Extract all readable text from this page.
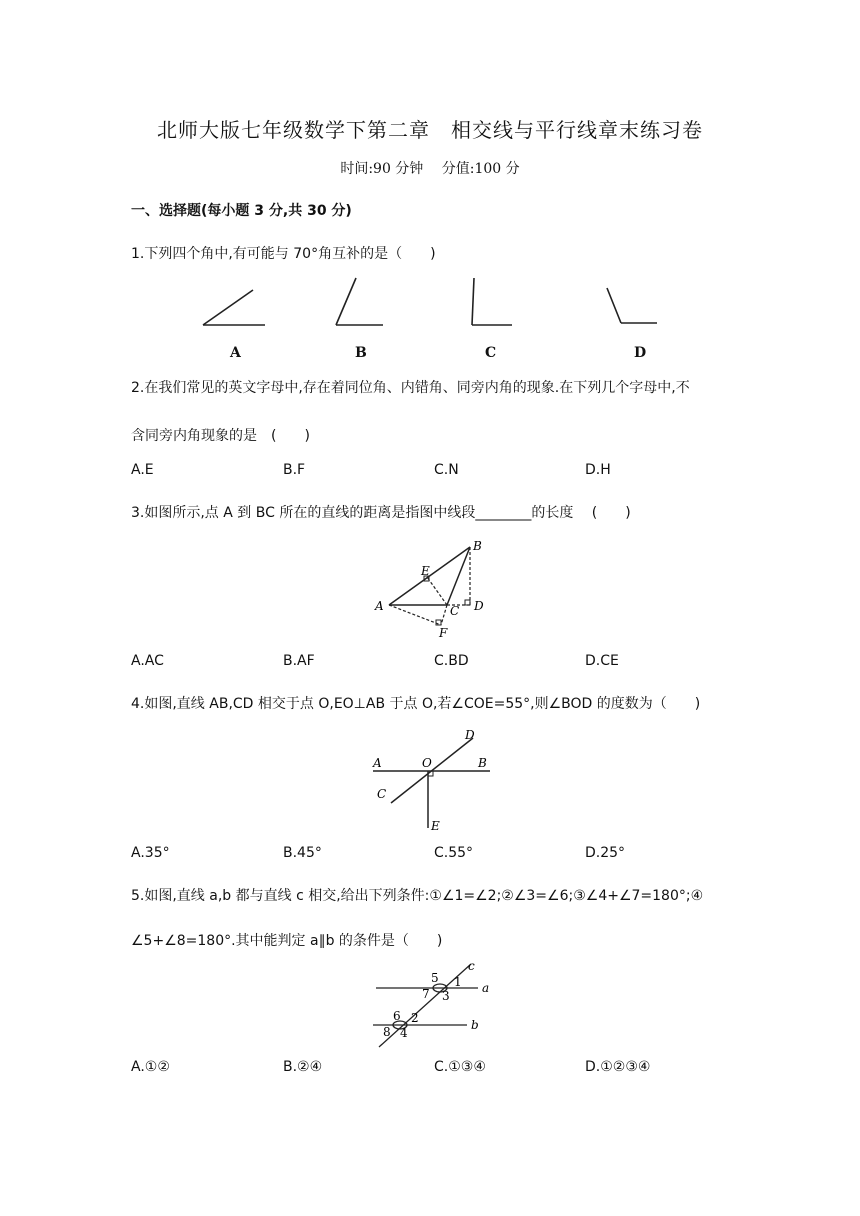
北师大版七年级数学下第二章　相交线与平行线章末练习卷
时间:90 分钟　 分值:100 分
一、选择题(每小题 3 分,共 30 分)
1.下列四个角中,有可能与 70°角互补的是（　　)
A	B	C	D
2.在我们常见的英文字母中,存在着同位角、内错角、同旁内角的现象.在下列几个字母中,不
含同旁内角现象的是　(　　)
A.E	B.F	C.N	D.H
3.如图所示,点 A 到 BC 所在的直线的距离是指图中线段________的长度　 (　　)
A
B
C D
E
F
A.AC	B.AF	C.BD	D.CE
4.如图,直线 AB,CD 相交于点 O,EO⊥AB 于点 O,若∠COE=55°,则∠BOD 的度数为（　　)
A	B
C
D
E
O
A.35°	B.45°	C.55°	D.25°
5.如图,直线 a,b 都与直线 c 相交,给出下列条件:①∠1=∠2;②∠3=∠6;③∠4+∠7=180°;④
∠5+∠8=180°.其中能判定 a∥b 的条件是（　　)
c
a
b
5 1
7 3
6 2
8 4
A.①②	B.②④	C.①③④	D.①②③④
